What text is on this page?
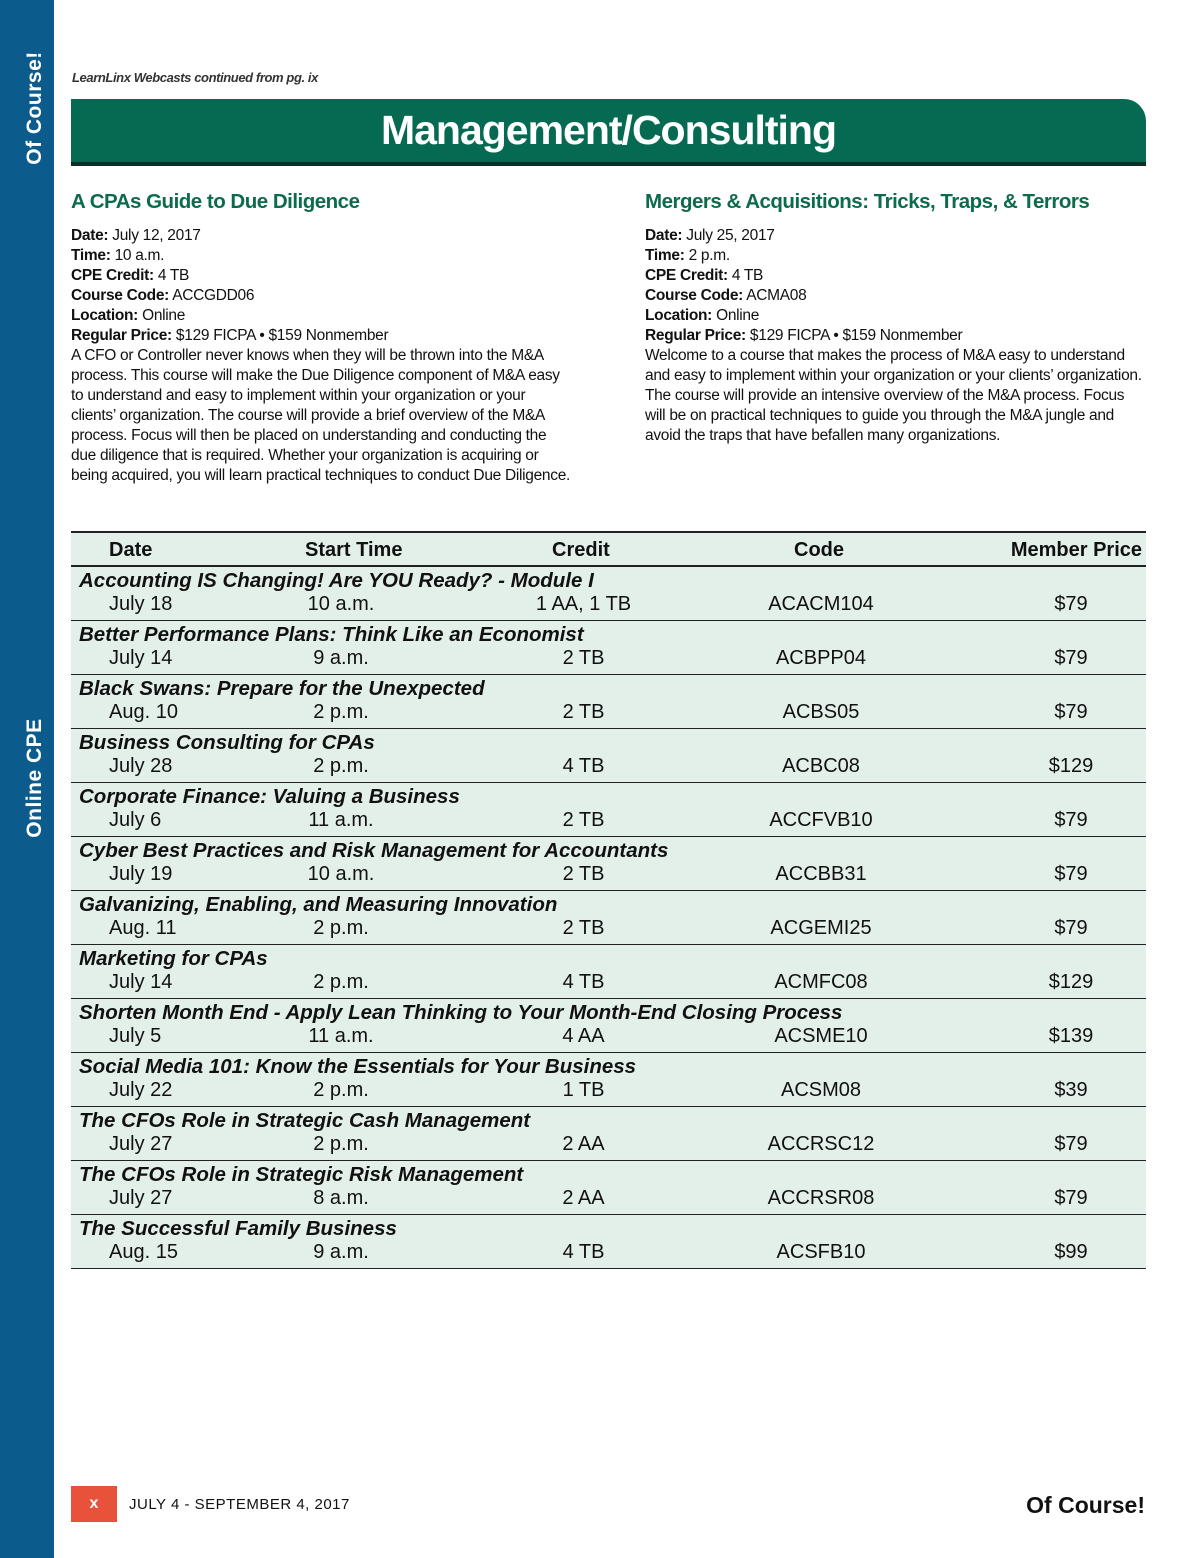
Of Course!
Online CPE
LearnLinx Webcasts continued from pg. ix
Management/Consulting
A CPAs Guide to Due Diligence

Date: July 12, 2017

Time: 10 a.m.

CPE Credit: 4 TB

Course Code: ACCGDD06

Location: Online

Regular Price: $129 FICPA • $159 Nonmember

A CFO or Controller never knows when they will be thrown into the M&A process. This course will make the Due Diligence component of M&A easy to understand and easy to implement within your organization or your clients’ organization. The course will provide a brief overview of the M&A process. Focus will then be placed on understanding and conducting the due diligence that is required. Whether your organization is acquiring or being acquired, you will learn practical techniques to conduct Due Diligence.

Mergers & Acquisitions: Tricks, Traps, & Terrors

Date: July 25, 2017

Time: 2 p.m.

CPE Credit: 4 TB

Course Code: ACMA08

Location: Online

Regular Price: $129 FICPA • $159 Nonmember

Welcome to a course that makes the process of M&A easy to understand and easy to implement within your organization or your clients’ organization. The course will provide an intensive overview of the M&A process. Focus will be on practical techniques to guide you through the M&A jungle and avoid the traps that have befallen many organizations.

Date	Start Time	Credit	Code	Member Price
Accounting IS Changing! Are YOU Ready? - Module I
July 18	10 a.m.	1 AA, 1 TB	ACACM104	$79
Better Performance Plans: Think Like an Economist
July 14	9 a.m.	2 TB	ACBPP04	$79
Black Swans: Prepare for the Unexpected
Aug. 10	2 p.m.	2 TB	ACBS05	$79
Business Consulting for CPAs
July 28	2 p.m.	4 TB	ACBC08	$129
Corporate Finance: Valuing a Business
July 6	11 a.m.	2 TB	ACCFVB10	$79
Cyber Best Practices and Risk Management for Accountants
July 19	10 a.m.	2 TB	ACCBB31	$79
Galvanizing, Enabling, and Measuring Innovation
Aug. 11	2 p.m.	2 TB	ACGEMI25	$79
Marketing for CPAs
July 14	2 p.m.	4 TB	ACMFC08	$129
Shorten Month End - Apply Lean Thinking to Your Month-End Closing Process
July 5	11 a.m.	4 AA	ACSME10	$139
Social Media 101: Know the Essentials for Your Business
July 22	2 p.m.	1 TB	ACSM08	$39
The CFOs Role in Strategic Cash Management
July 27	2 p.m.	2 AA	ACCRSC12	$79
The CFOs Role in Strategic Risk Management
July 27	8 a.m.	2 AA	ACCRSR08	$79
The Successful Family Business
Aug. 15	9 a.m.	4 TB	ACSFB10	$99
x JULY 4 - SEPTEMBER 4, 2017	Of Course!
